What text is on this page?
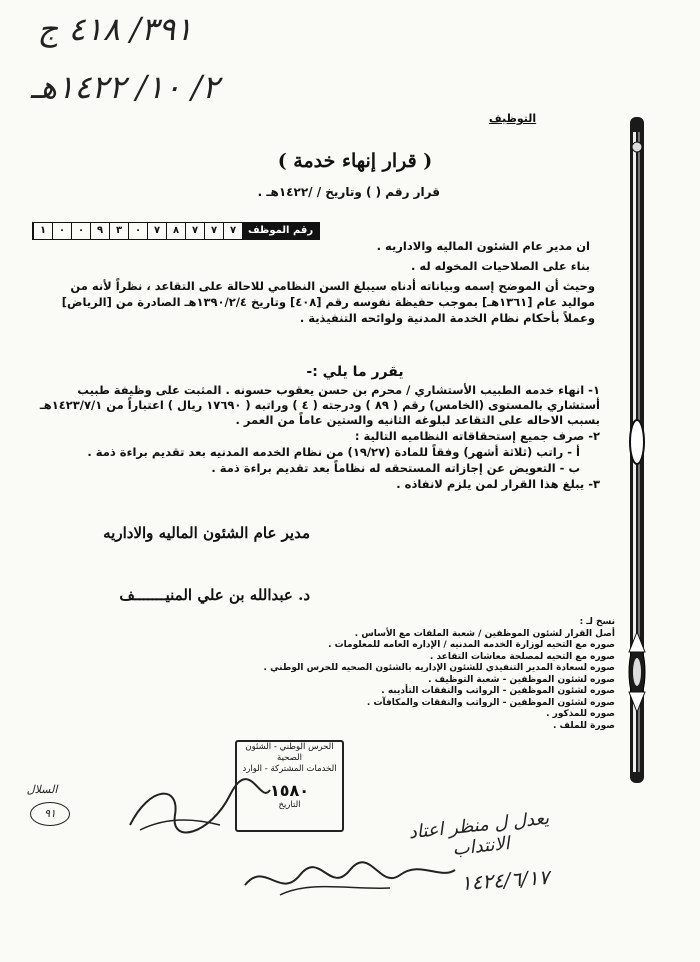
٣٩١/ ٤١٨ ج
٢/ ١٠/ ١٤٢٢هـ
التوظيف
( قرار إنهاء خدمة )
قرار رقم ( ) وتاريخ / /١٤٢٢هـ .
رقم الموظف
٧
٧
٧
٨
٧
٠
٣
٩
٠
٠
١
ان مدير عام الشئون الماليه والاداريه .
بناء على الصلاحيات المخوله له .
وحيث أن الموضح إسمه وبياناته أدناه سيبلغ السن النظامي للاحالة على التقاعد ، نظراً لأنه من مواليد عام [١٣٦١هـ] بموجب حفيظة نفوسه رقم [٤٠٨] وتاريخ ١٣٩٠/٢/٤هـ الصادرة من [الرياض] وعملاً بأحكام نظام الخدمة المدنية ولوائحه التنفيذية .
يقرر ما يلي :-

١- انهاء خدمه الطبيب الأستشاري / محرم بن حسن يعقوب حسونه . المثبت على وظيفة طبيب أستشاري بالمستوى (الخامس) رقم ( ٨٩ ) ودرجته ( ٤ ) وراتبه ( ١٧٦٩٠ ريال ) اعتباراً من ١٤٢٣/٧/١هـ بسبب الاحاله على التقاعد لبلوغه الثانيه والستين عاماً من العمر .

٢- صرف جميع إستحقاقاته النظاميه التالية :

أ - راتب (ثلاثة أشهر) وفقاً للمادة (١٩/٢٧) من نظام الخدمه المدنيه بعد تقديم براءة ذمة .

ب - التعويض عن إجازاته المستحقه له نظاماً بعد تقديم براءة ذمة .

٣- يبلغ هذا القرار لمن يلزم لانفاذه .

مدير عام الشئون الماليه والاداريه
د. عبدالله بن علي المنيـــــــف

نسخ لـ :

أصل القرار لشئون الموظفين / شعبة الملفات مع الأساس .

صوره مع التحيه لوزارة الخدمه المدنيه / الإداره العامه للمعلومات .

صوره مع التحيه لمصلحة معاشات التقاعد .

صوره لسعادة المدير التنفيذي للشئون الإداريه بالشئون الصحيه للحرس الوطني .

صوره لشئون الموظفين - شعبة التوظيف .

صوره لشئون الموظفين - الرواتب والنفقات التأديبه .

صوره لشئون الموظفين - الرواتب والنفقات والمكافآت .

صوره للمذكور .

صورة للملف .

الحرس الوطني - الشئون الصحية
الخدمات المشتركة - الوارد
١٥٨٠
التاريخ
السلال
٩١	يعدل ل منظر اعتاد الانتداب
١٤٢٤/٦/١٧
